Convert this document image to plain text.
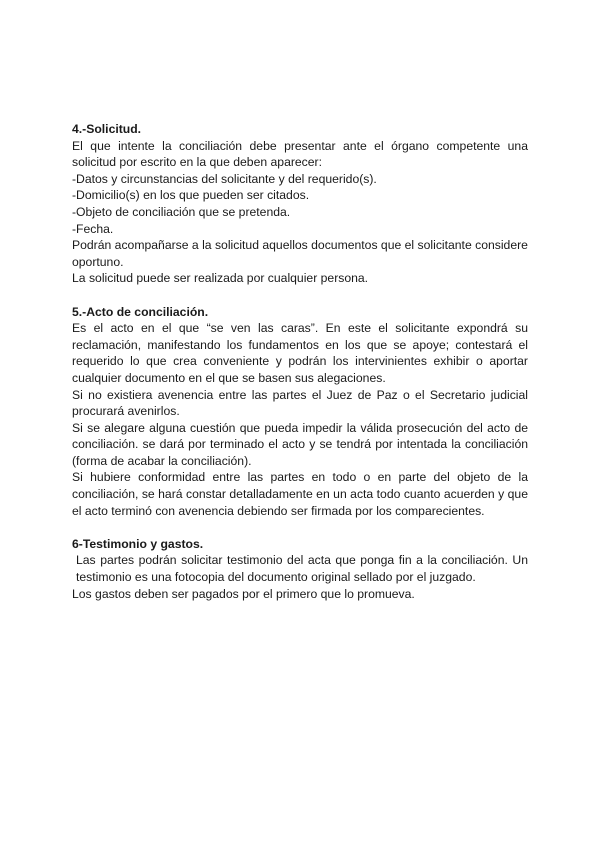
4.-Solicitud.

El que intente la conciliación debe presentar ante el órgano competente una solicitud por escrito en la que deben aparecer:

-Datos y circunstancias del solicitante y del requerido(s).

-Domicilio(s) en los que pueden ser citados.

-Objeto de conciliación que se pretenda.

-Fecha.

Podrán acompañarse a la solicitud aquellos documentos que el solicitante considere oportuno.

La solicitud puede ser realizada por cualquier persona.

5.-Acto de conciliación.

Es el acto en el que “se ven las caras”. En este el solicitante expondrá su reclamación, manifestando los fundamentos en los que se apoye; contestará el requerido lo que crea conveniente y podrán los intervinientes exhibir o aportar cualquier documento en el que se basen sus alegaciones.

Si no existiera avenencia entre las partes el Juez de Paz o el Secretario judicial procurará avenirlos.

Si se alegare alguna cuestión que pueda impedir la válida prosecución del acto de conciliación. se dará por terminado el acto y se tendrá por intentada la conciliación (forma de acabar la conciliación).

Si hubiere conformidad entre las partes en todo o en parte del objeto de la conciliación, se hará constar detalladamente en un acta todo cuanto acuerden y que el acto terminó con avenencia debiendo ser firmada por los comparecientes.

6-Testimonio y gastos.

Las partes podrán solicitar testimonio del acta que ponga fin a la conciliación. Un testimonio es una fotocopia del documento original sellado por el juzgado.

Los gastos deben ser pagados por el primero que lo promueva.
